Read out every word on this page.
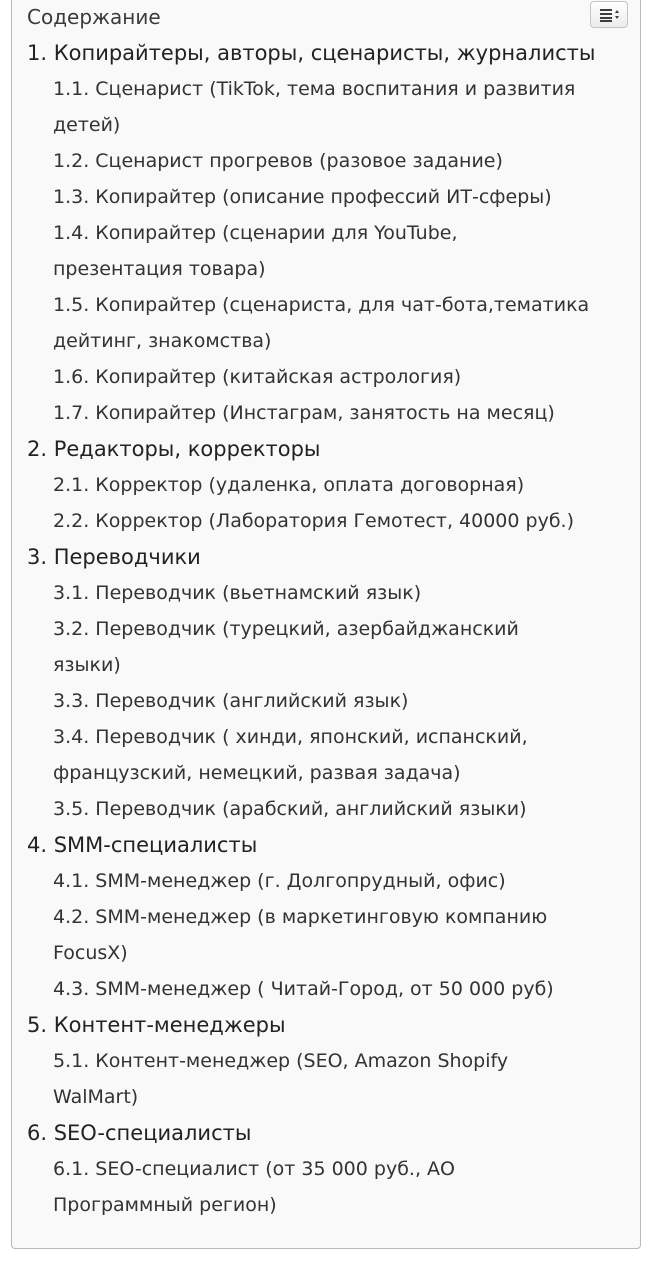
Содержание
1. Копирайтеры, авторы, сценаристы, журналисты
1.1. Сценарист (TikTok, тема воспитания и развития
детей)
1.2. Сценарист прогревов (разовое задание)
1.3. Копирайтер (описание профессий ИТ-сферы)
1.4. Копирайтер (сценарии для YouTube,
презентация товара)
1.5. Копирайтер (сценариста, для чат-бота,тематика
дейтинг, знакомства)
1.6. Копирайтер (китайская астрология)
1.7. Копирайтер (Инстаграм, занятость на месяц)
2. Редакторы, корректоры
2.1. Корректор (удаленка, оплата договорная)
2.2. Корректор (Лаборатория Гемотест, 40000 руб.)
3. Переводчики
3.1. Переводчик (вьетнамский язык)
3.2. Переводчик (турецкий, азербайджанский
языки)
3.3. Переводчик (английский язык)
3.4. Переводчик ( хинди, японский, испанский,
французский, немецкий, развая задача)
3.5. Переводчик (арабский, английский языки)
4. SMM-специалисты
4.1. SMM-менеджер (г. Долгопрудный, офис)
4.2. SMM-менеджер (в маркетинговую компанию
FocusX)
4.3. SMM-менеджер ( Читай-Город, от 50 000 руб)
5. Контент-менеджеры
5.1. Контент-менеджер (SEO, Amazon Shopify
WalMart)
6. SEO-специалисты
6.1. SEO-специалист (от 35 000 руб., АО
Программный регион)
